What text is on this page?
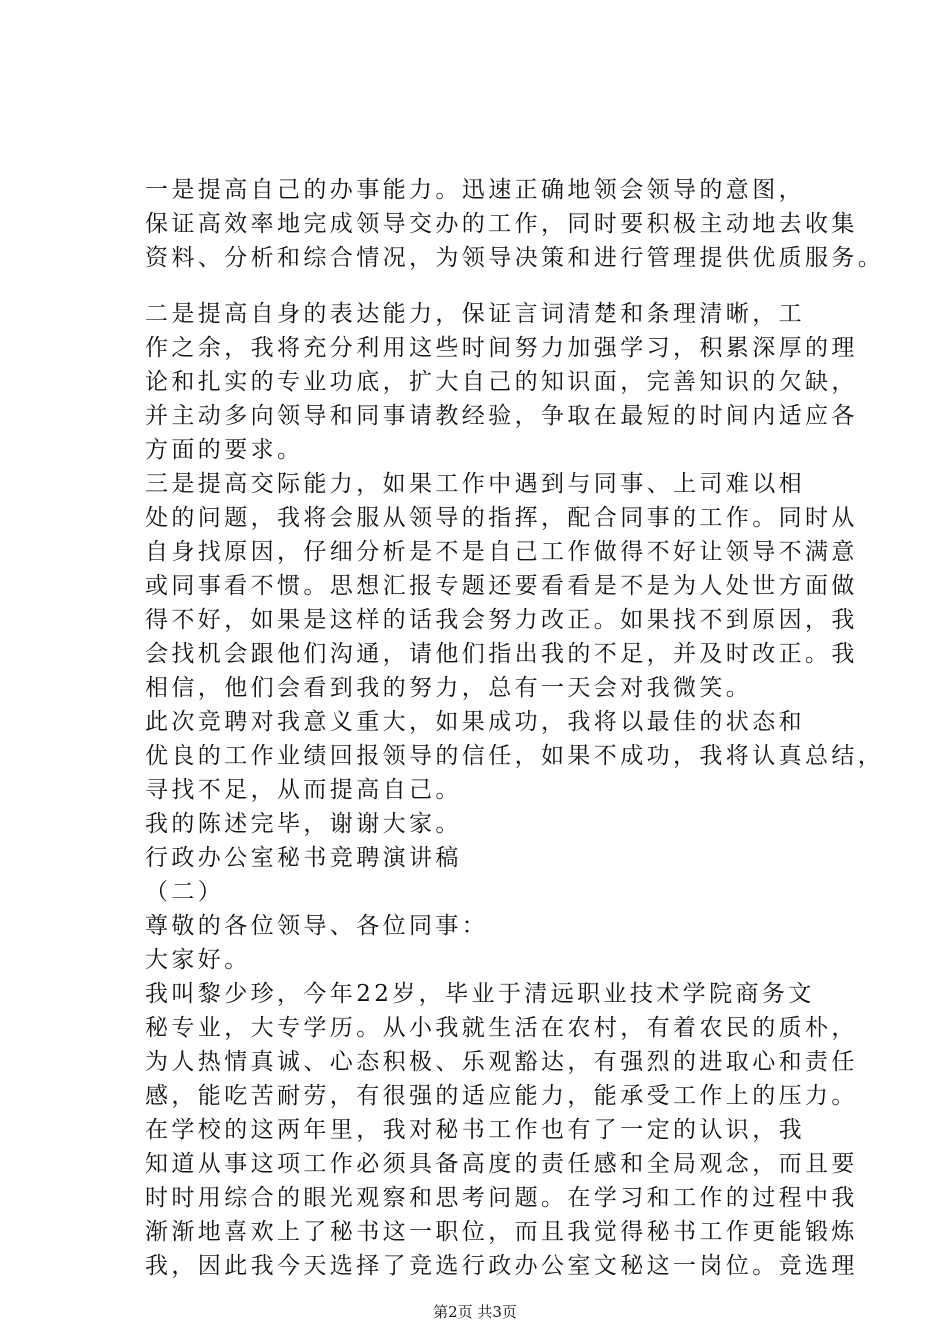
一是提高自己的办事能力。迅速正确地领会领导的意图，

保证高效率地完成领导交办的工作，同时要积极主动地去收集

资料、分析和综合情况，为领导决策和进行管理提供优质服务。

二是提高自身的表达能力，保证言词清楚和条理清晰，工

作之余，我将充分利用这些时间努力加强学习，积累深厚的理

论和扎实的专业功底，扩大自己的知识面，完善知识的欠缺，

并主动多向领导和同事请教经验，争取在最短的时间内适应各

方面的要求。

三是提高交际能力，如果工作中遇到与同事、上司难以相

处的问题，我将会服从领导的指挥，配合同事的工作。同时从

自身找原因，仔细分析是不是自己工作做得不好让领导不满意

或同事看不惯。思想汇报专题还要看看是不是为人处世方面做

得不好，如果是这样的话我会努力改正。如果找不到原因，我

会找机会跟他们沟通，请他们指出我的不足，并及时改正。我

相信，他们会看到我的努力，总有一天会对我微笑。

此次竞聘对我意义重大，如果成功，我将以最佳的状态和

优良的工作业绩回报领导的信任，如果不成功，我将认真总结，

寻找不足，从而提高自己。

我的陈述完毕，谢谢大家。

行政办公室秘书竞聘演讲稿

（二）

尊敬的各位领导、各位同事：

大家好。

我叫黎少珍，今年22岁，毕业于清远职业技术学院商务文

秘专业，大专学历。从小我就生活在农村，有着农民的质朴，

为人热情真诚、心态积极、乐观豁达，有强烈的进取心和责任

感，能吃苦耐劳，有很强的适应能力，能承受工作上的压力。

在学校的这两年里，我对秘书工作也有了一定的认识，我

知道从事这项工作必须具备高度的责任感和全局观念，而且要

时时用综合的眼光观察和思考问题。在学习和工作的过程中我

渐渐地喜欢上了秘书这一职位，而且我觉得秘书工作更能锻炼

我，因此我今天选择了竞选行政办公室文秘这一岗位。竞选理

第2页 共3页
